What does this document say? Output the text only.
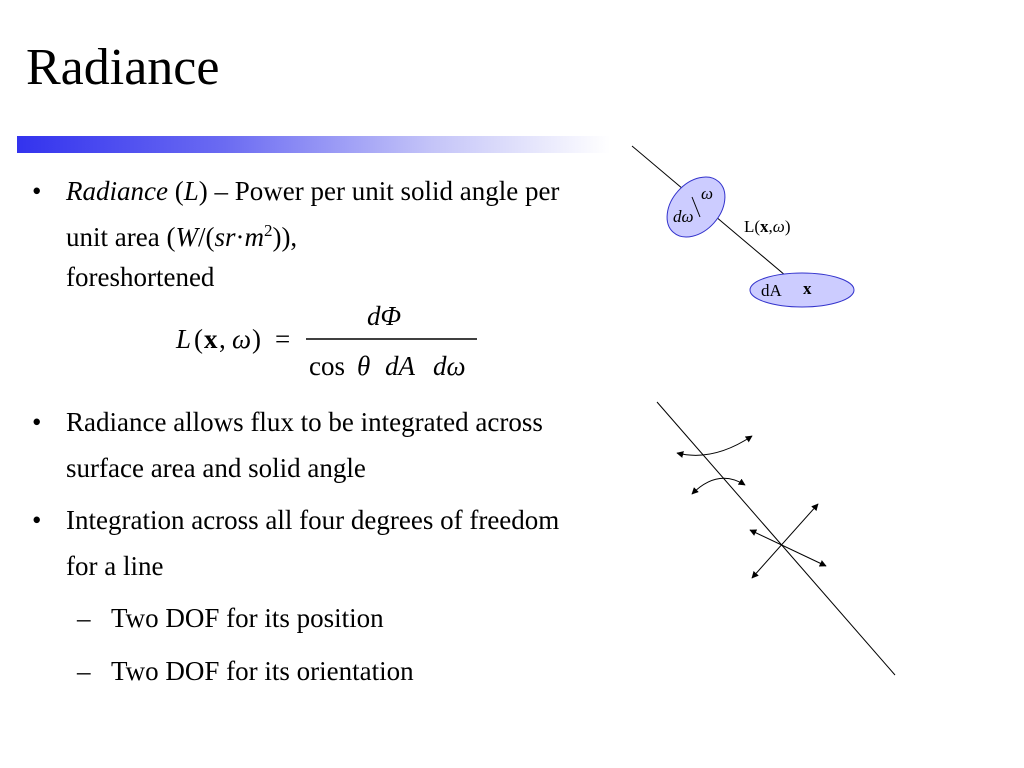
Radiance
• Radiance (L) – Power per unit solid angle per unit area $(W/(sr\cdot m^2))$,
foreshortened
L ( x , ω ) =
dΦ
cos θ dA dω
• Radiance allows flux to be integrated across surface area and solid angle
• Integration across all four degrees of freedom for a line
– Two DOF for its position
– Two DOF for its orientation
ω
dω
L(x,ω)
dA x
